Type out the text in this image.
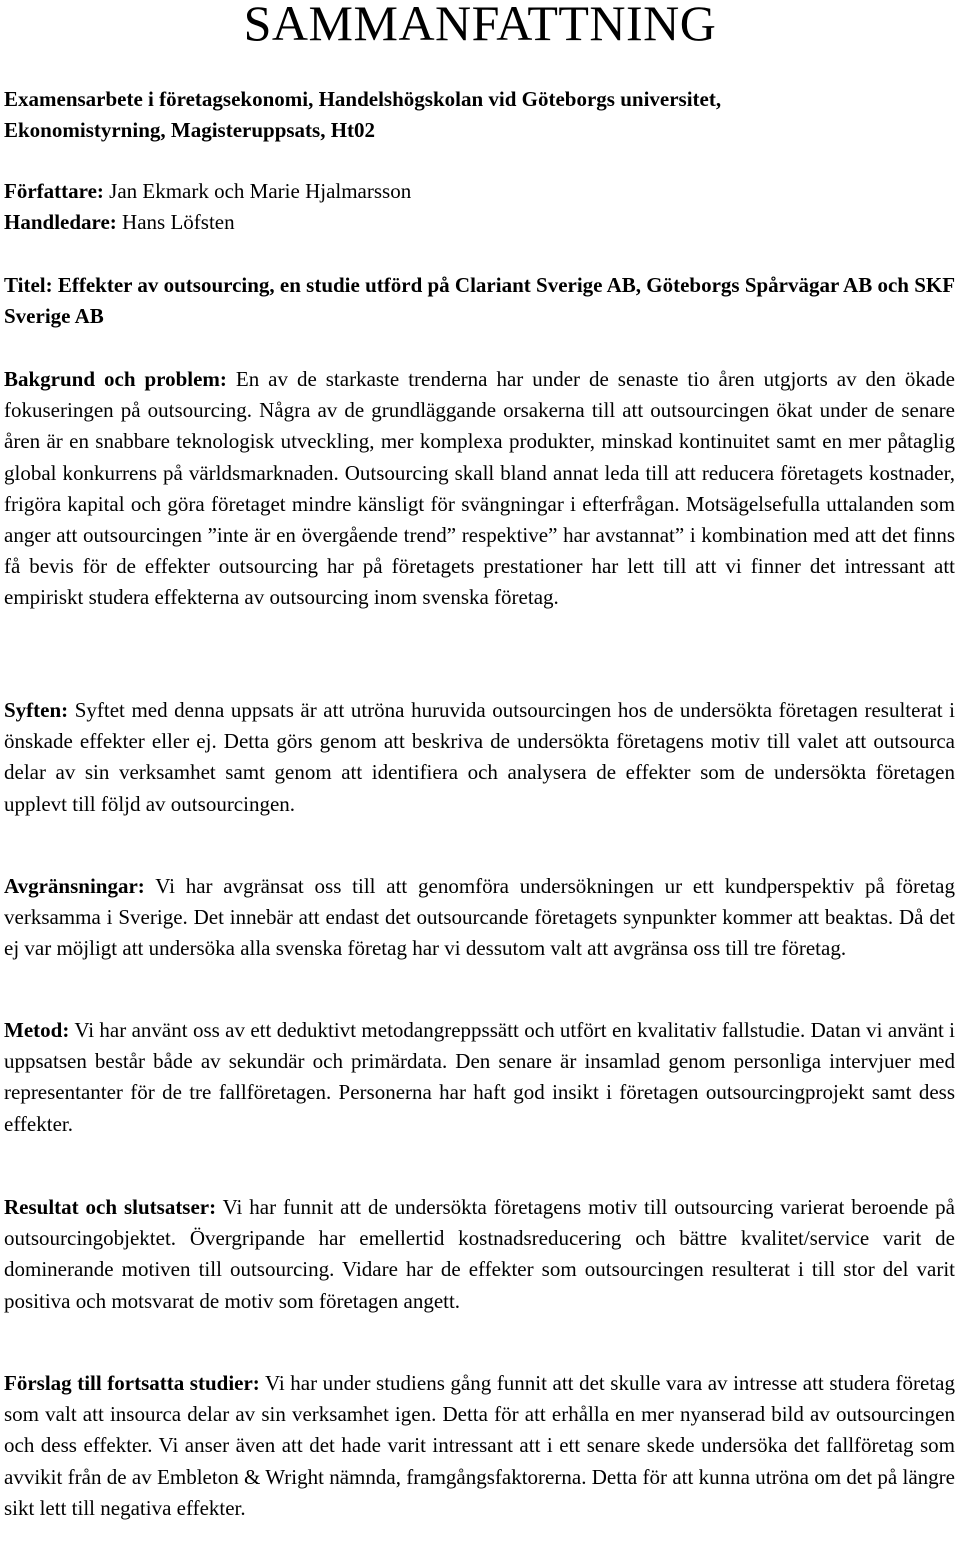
SAMMANFATTNING

Examensarbete i företagsekonomi, Handelshögskolan vid Göteborgs universitet,
Ekonomistyrning, Magisteruppsats, Ht02

Författare: Jan Ekmark och Marie Hjalmarsson
Handledare: Hans Löfsten

Titel: Effekter av outsourcing, en studie utförd på Clariant Sverige AB, Göteborgs Spårvägar AB och SKF Sverige AB

Bakgrund och problem: En av de starkaste trenderna har under de senaste tio åren utgjorts av den ökade fokuseringen på outsourcing. Några av de grundläggande orsakerna till att outsourcingen ökat under de senare åren är en snabbare teknologisk utveckling, mer komplexa produkter, minskad kontinuitet samt en mer påtaglig global konkurrens på världsmarknaden. Outsourcing skall bland annat leda till att reducera företagets kostnader, frigöra kapital och göra företaget mindre känsligt för svängningar i efterfrågan. Motsägelsefulla uttalanden som anger att outsourcingen ”inte är en övergående trend” respektive” har avstannat” i kombination med att det finns få bevis för de effekter outsourcing har på företagets prestationer har lett till att vi finner det intressant att empiriskt studera effekterna av outsourcing inom svenska företag.

Syften: Syftet med denna uppsats är att utröna huruvida outsourcingen hos de undersökta företagen resulterat i önskade effekter eller ej. Detta görs genom att beskriva de undersökta företagens motiv till valet att outsourca delar av sin verksamhet samt genom att identifiera och analysera de effekter som de undersökta företagen upplevt till följd av outsourcingen.

Avgränsningar: Vi har avgränsat oss till att genomföra undersökningen ur ett kundperspektiv på företag verksamma i Sverige. Det innebär att endast det outsourcande företagets synpunkter kommer att beaktas. Då det ej var möjligt att undersöka alla svenska företag har vi dessutom valt att avgränsa oss till tre företag.

Metod: Vi har använt oss av ett deduktivt metodangreppssätt och utfört en kvalitativ fallstudie. Datan vi använt i uppsatsen består både av sekundär och primärdata. Den senare är insamlad genom personliga intervjuer med representanter för de tre fallföretagen. Personerna har haft god insikt i företagen outsourcingprojekt samt dess effekter.

Resultat och slutsatser: Vi har funnit att de undersökta företagens motiv till outsourcing varierat beroende på outsourcingobjektet. Övergripande har emellertid kostnadsreducering och bättre kvalitet/service varit de dominerande motiven till outsourcing. Vidare har de effekter som outsourcingen resulterat i till stor del varit positiva och motsvarat de motiv som företagen angett.

Förslag till fortsatta studier: Vi har under studiens gång funnit att det skulle vara av intresse att studera företag som valt att insourca delar av sin verksamhet igen. Detta för att erhålla en mer nyanserad bild av outsourcingen och dess effekter. Vi anser även att det hade varit intressant att i ett senare skede undersöka det fallföretag som avvikit från de av Embleton & Wright nämnda, framgångsfaktorerna. Detta för att kunna utröna om det på längre sikt lett till negativa effekter.
